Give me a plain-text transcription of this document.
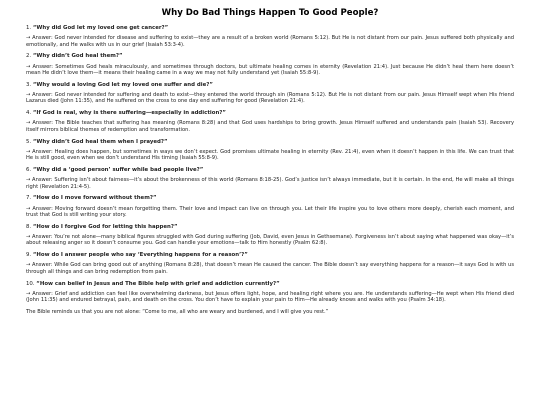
Why Do Bad Things Happen To Good People?

1. “Why did God let my loved one get cancer?”

→ Answer: God never intended for disease and suffering to exist—they are a result of a broken world (Romans 5:12). But He is not distant from our pain. Jesus suffered both physically and emotionally, and He walks with us in our grief (Isaiah 53:3-4).

2. “Why didn’t God heal them?”

→ Answer: Sometimes God heals miraculously, and sometimes through doctors, but ultimate healing comes in eternity (Revelation 21:4). Just because He didn’t heal them here doesn’t mean He didn’t love them—it means their healing came in a way we may not fully understand yet (Isaiah 55:8-9).

3. “Why would a loving God let my loved one suffer and die?”

→ Answer: God never intended for suffering and death to exist—they entered the world through sin (Romans 5:12). But He is not distant from our pain. Jesus Himself wept when His friend Lazarus died (John 11:35), and He suffered on the cross to one day end suffering for good (Revelation 21:4).

4. “If God is real, why is there suffering—especially in addiction?”

→ Answer: The Bible teaches that suffering has meaning (Romans 8:28) and that God uses hardships to bring growth. Jesus Himself suffered and understands pain (Isaiah 53). Recovery itself mirrors biblical themes of redemption and transformation.

5. “Why didn’t God heal them when I prayed?”

→ Answer: Healing does happen, but sometimes in ways we don’t expect. God promises ultimate healing in eternity (Rev. 21:4), even when it doesn’t happen in this life. We can trust that He is still good, even when we don’t understand His timing (Isaiah 55:8-9).

6. “Why did a ‘good person’ suffer while bad people live?”

→ Answer: Suffering isn’t about fairness—it’s about the brokenness of this world (Romans 8:18-25). God’s justice isn’t always immediate, but it is certain. In the end, He will make all things right (Revelation 21:4-5).

7. “How do I move forward without them?”

→ Answer: Moving forward doesn’t mean forgetting them. Their love and impact can live on through you. Let their life inspire you to love others more deeply, cherish each moment, and trust that God is still writing your story.

8. “How do I forgive God for letting this happen?”

→ Answer: You’re not alone—many biblical figures struggled with God during suffering (Job, David, even Jesus in Gethsemane). Forgiveness isn’t about saying what happened was okay—it’s about releasing anger so it doesn’t consume you. God can handle your emotions—talk to Him honestly (Psalm 62:8).

9. “How do I answer people who say ‘Everything happens for a reason’?”

→ Answer: While God can bring good out of anything (Romans 8:28), that doesn’t mean He caused the cancer. The Bible doesn’t say everything happens for a reason—it says God is with us through all things and can bring redemption from pain.

10. “How can belief in Jesus and The Bible help with grief and addiction currently?”

→ Answer: Grief and addiction can feel like overwhelming darkness, but Jesus offers light, hope, and healing right where you are. He understands suffering—He wept when His friend died (John 11:35) and endured betrayal, pain, and death on the cross. You don’t have to explain your pain to Him—He already knows and walks with you (Psalm 34:18).

The Bible reminds us that you are not alone: “Come to me, all who are weary and burdened, and I will give you rest.”
